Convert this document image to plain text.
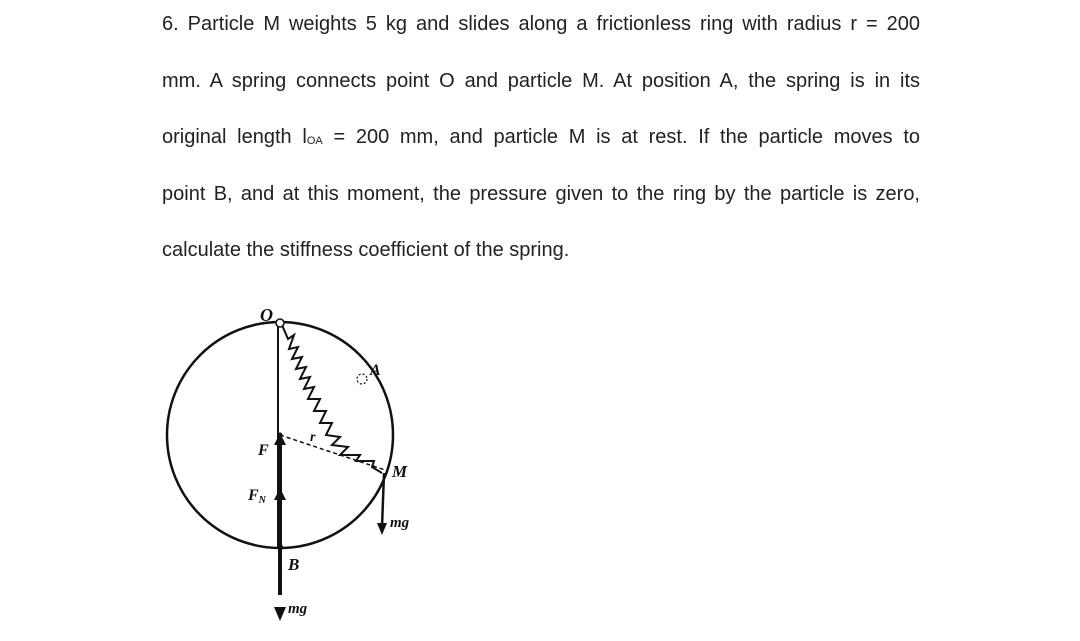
6. Particle M weights 5 kg and slides along a frictionless ring with radius r = 200
mm. A spring connects point O and particle M. At position A, the spring is in its
original length lOA = 200 mm, and particle M is at rest. If the particle moves to
point B, and at this moment, the pressure given to the ring by the particle is zero,
calculate the stiffness coefficient of the spring.
O
A
r
M
F
FN
mg
B
mg
